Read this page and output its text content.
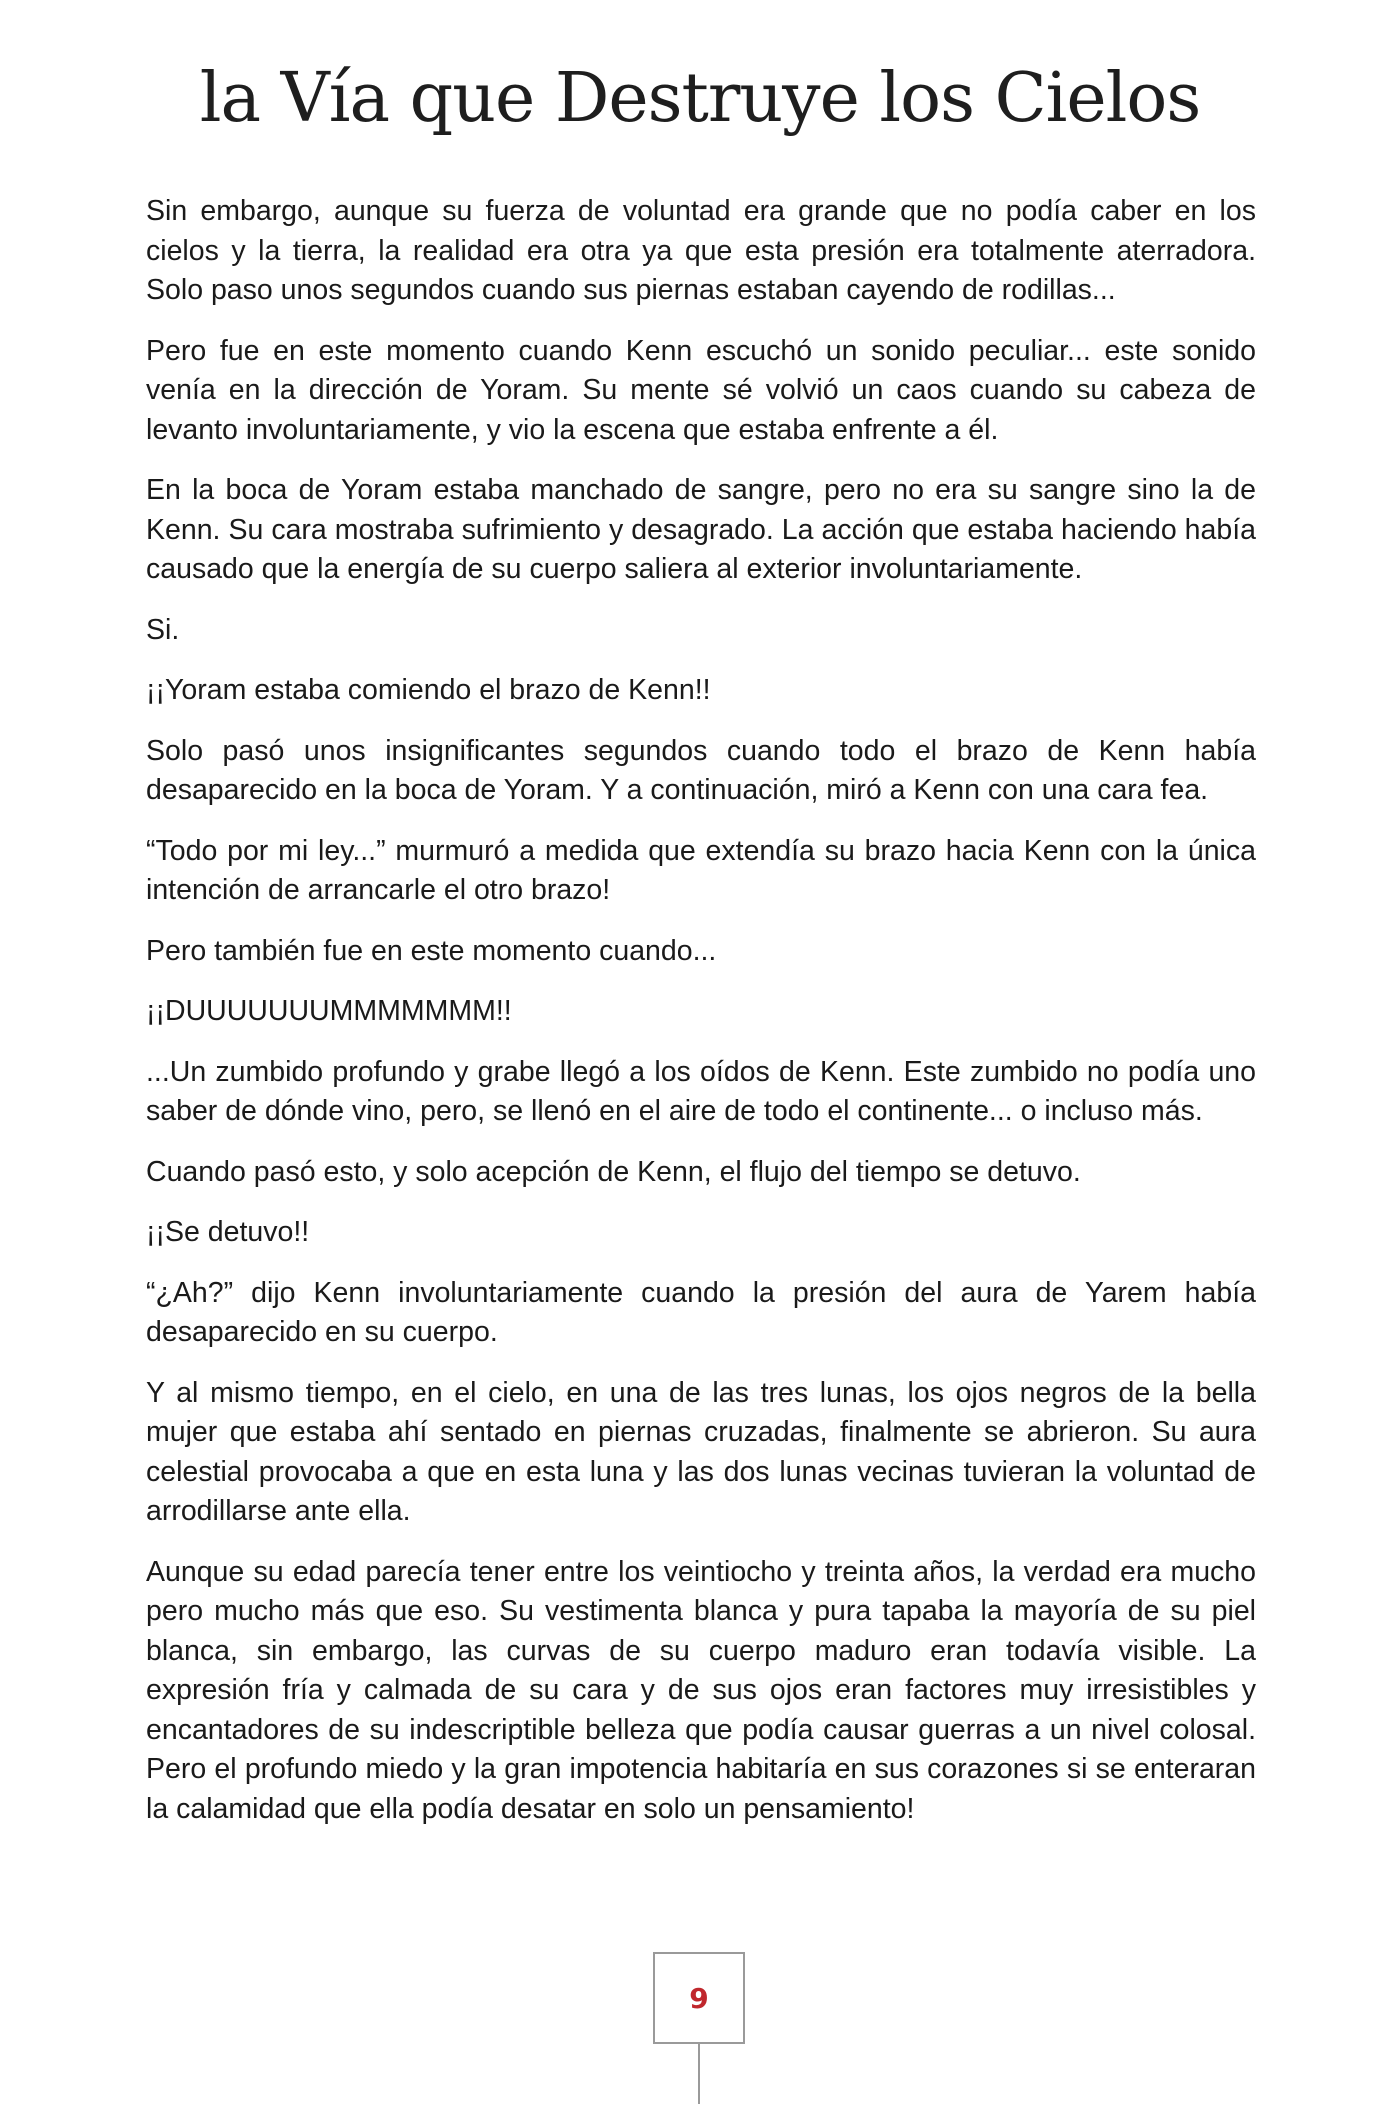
la Vía que Destruye los Cielos

Sin embargo, aunque su fuerza de voluntad era grande que no podía caber en los cielos y la tierra, la realidad era otra ya que esta presión era totalmente aterradora. Solo paso unos segundos cuando sus piernas estaban cayendo de rodillas...

Pero fue en este momento cuando Kenn escuchó un sonido peculiar... este sonido venía en la dirección de Yoram. Su mente sé volvió un caos cuando su cabeza de levanto involuntariamente, y vio la escena que estaba enfrente a él.

En la boca de Yoram estaba manchado de sangre, pero no era su sangre sino la de Kenn. Su cara mostraba sufrimiento y desagrado. La acción que estaba haciendo había causado que la energía de su cuerpo saliera al exterior involuntariamente.

Si.

¡¡Yoram estaba comiendo el brazo de Kenn!!

Solo pasó unos insignificantes segundos cuando todo el brazo de Kenn había desaparecido en la boca de Yoram. Y a continuación, miró a Kenn con una cara fea.

“Todo por mi ley...” murmuró a medida que extendía su brazo hacia Kenn con la única intención de arrancarle el otro brazo!

Pero también fue en este momento cuando...

¡¡DUUUUUUUMMMMMMM!!

...Un zumbido profundo y grabe llegó a los oídos de Kenn. Este zumbido no podía uno saber de dónde vino, pero, se llenó en el aire de todo el continente... o incluso más.

Cuando pasó esto, y solo acepción de Kenn, el flujo del tiempo se detuvo.

¡¡Se detuvo!!

“¿Ah?” dijo Kenn involuntariamente cuando la presión del aura de Yarem había desaparecido en su cuerpo.

Y al mismo tiempo, en el cielo, en una de las tres lunas, los ojos negros de la bella mujer que estaba ahí sentado en piernas cruzadas, finalmente se abrieron. Su aura celestial provocaba a que en esta luna y las dos lunas vecinas tuvieran la voluntad de arrodillarse ante ella.

Aunque su edad parecía tener entre los veintiocho y treinta años, la verdad era mucho pero mucho más que eso. Su vestimenta blanca y pura tapaba la mayoría de su piel blanca, sin embargo, las curvas de su cuerpo maduro eran todavía visible. La expresión fría y calmada de su cara y de sus ojos eran factores muy irresistibles y encantadores de su indescriptible belleza que podía causar guerras a un nivel colosal. Pero el profundo miedo y la gran impotencia habitaría en sus corazones si se enteraran la calamidad que ella podía desatar en solo un pensamiento!

9
